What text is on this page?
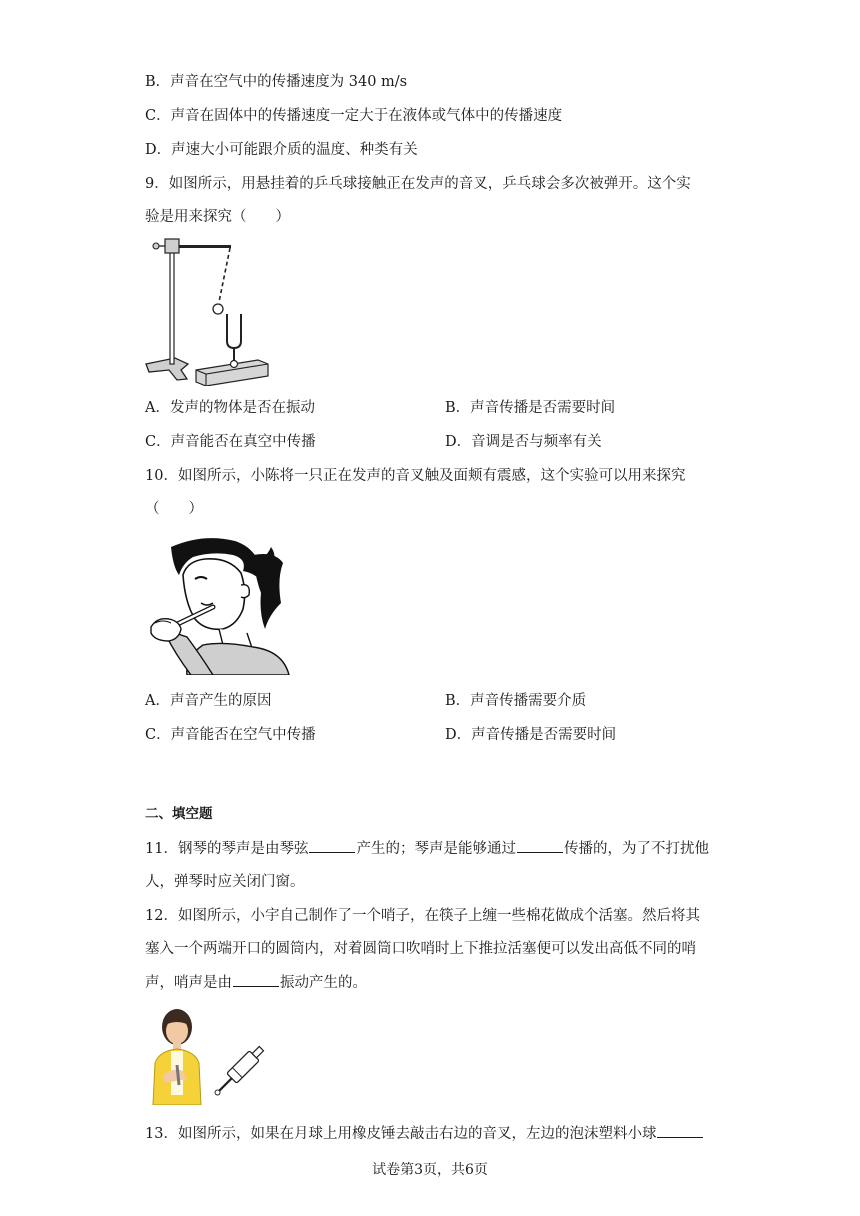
B．声音在空气中的传播速度为 340 m/s
C．声音在固体中的传播速度一定大于在液体或气体中的传播速度
D．声速大小可能跟介质的温度、种类有关
9．如图所示，用悬挂着的乒乓球接触正在发声的音叉，乒乓球会多次被弹开。这个实
验是用来探究（　　）
A．发声的物体是否在振动	B．声音传播是否需要时间
C．声音能否在真空中传播	D．音调是否与频率有关
10．如图所示，小陈将一只正在发声的音叉触及面颊有震感，这个实验可以用来探究
（　　）
A．声音产生的原因	B．声音传播需要介质
C．声音能否在空气中传播	D．声音传播是否需要时间
二、填空题
11．钢琴的琴声是由琴弦	产生的；琴声是能够通过	传播的，为了不打扰他
人，弹琴时应关闭门窗。
12．如图所示，小宇自己制作了一个哨子，在筷子上缠一些棉花做成个活塞。然后将其
塞入一个两端开口的圆筒内，对着圆筒口吹哨时上下推拉活塞便可以发出高低不同的哨
声，哨声是由	振动产生的。
13．如图所示，如果在月球上用橡皮锤去敲击右边的音叉，左边的泡沫塑料小球
试卷第3页，共6页
